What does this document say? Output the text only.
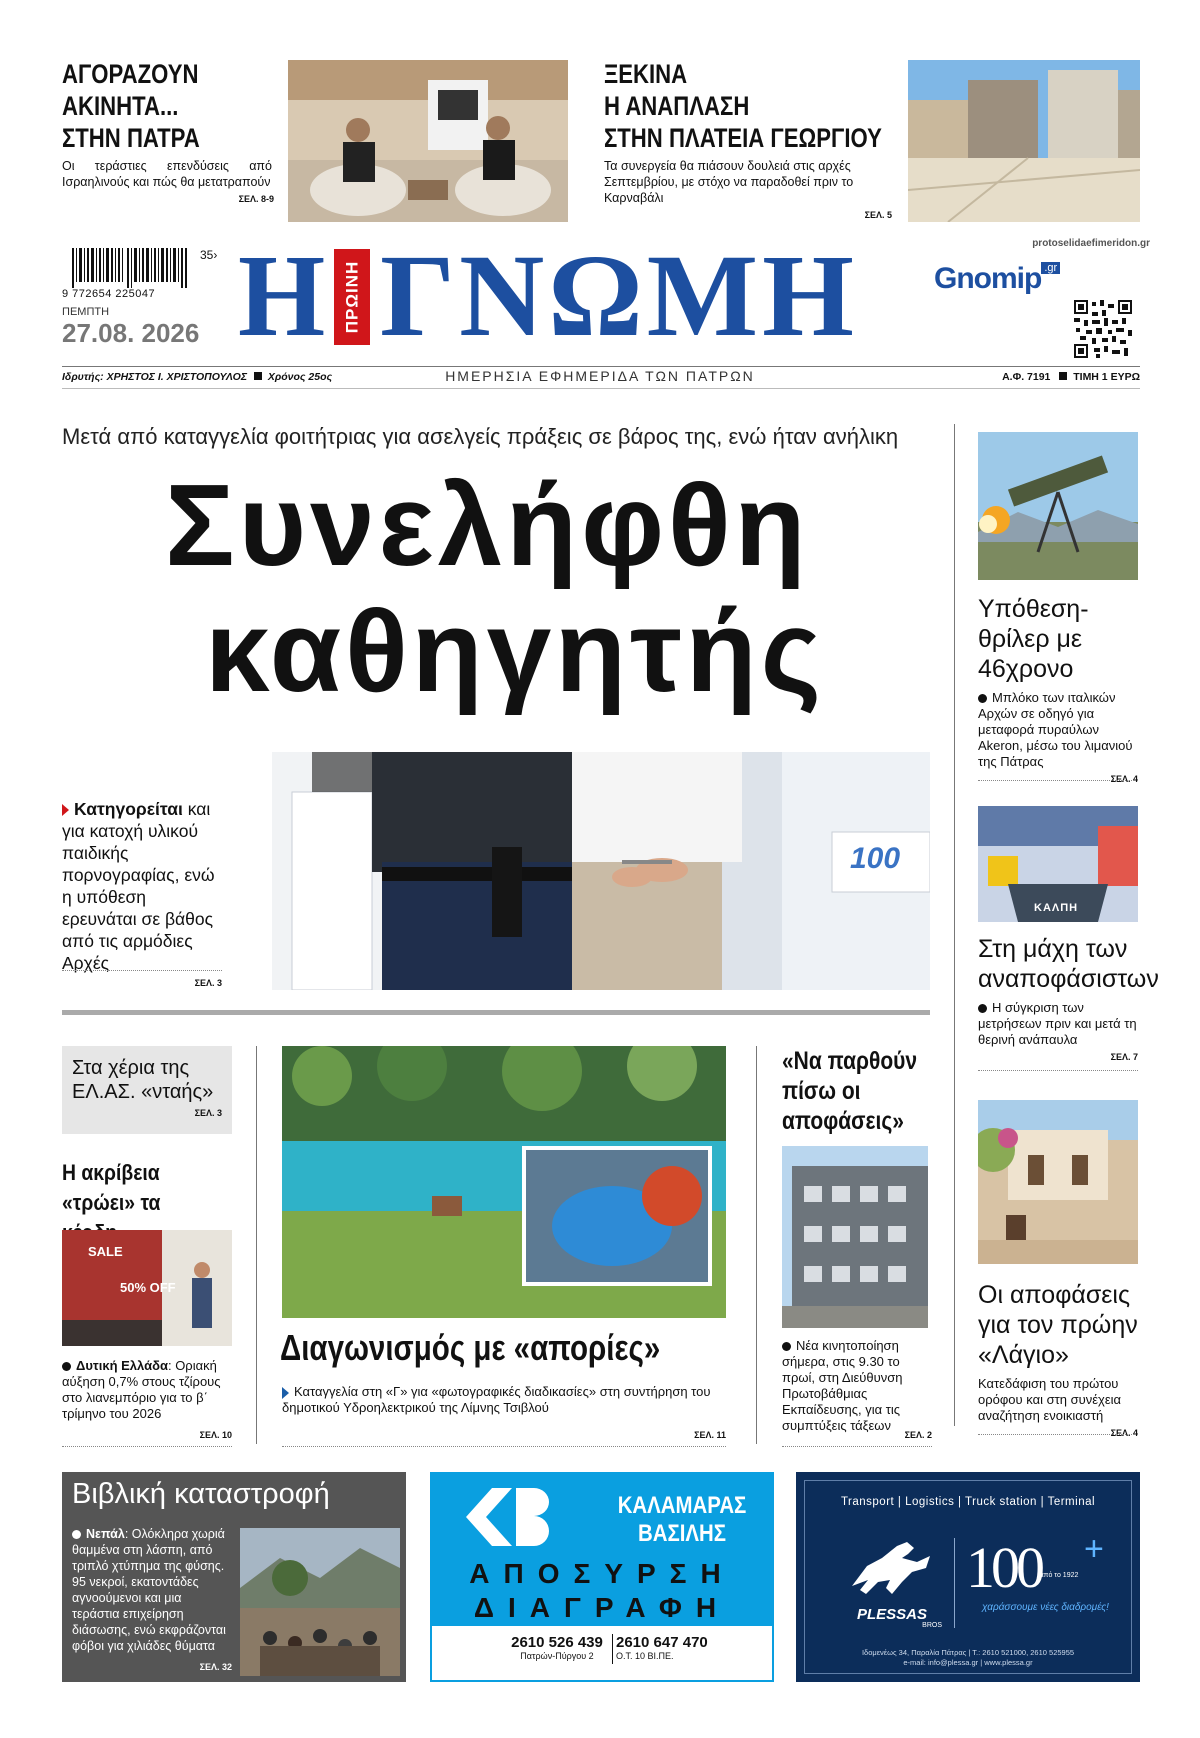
ΑΓΟΡΑΖΟΥΝ
ΑΚΙΝΗΤΑ...
ΣΤΗΝ ΠΑΤΡΑ
Οι τεράστιες επενδύσεις από Ισραηλινούς και πώς θα μετατραπούν
ΣΕΛ. 8-9
ΞΕΚΙΝΑ
Η ΑΝΑΠΛΑΣΗ
ΣΤΗΝ ΠΛΑΤΕΙΑ ΓΕΩΡΓΙΟΥ
Τα συνεργεία θα πιάσουν δουλειά στις αρχές Σεπτεμβρίου, με στόχο να παραδοθεί πριν το Καρναβάλι
ΣΕΛ. 5
protoselidaefimeridon.gr
9 772654 225047
35›
ΠΕΜΠΤΗ
27.08. 2026 Η ΠΡΩΙΝΗ ΓΝΩΜΗ	Gnomip $^{.gr}$
Ιδρυτής: ΧΡΗΣΤΟΣ Ι. ΧΡΙΣΤΟΠΟΥΛΟΣ Χρόνος 25ος	ΗΜΕΡΗΣΙΑ ΕΦΗΜΕΡΙΔΑ ΤΩΝ ΠΑΤΡΩΝ	Α.Φ. 7191 ΤΙΜΗ 1 ΕΥΡΩ
Μετά από καταγγελία φοιτήτριας για ασελγείς πράξεις σε βάρος της, ενώ ήταν ανήλικη
Συνελήφθη
καθηγητής
Κατηγορείται και για κατοχή υλικού παιδικής πορνογραφίας, ενώ η υπόθεση ερευνάται σε βάθος από τις αρμόδιες Αρχές
ΣΕΛ. 3
100
Υπόθεση-θρίλερ με 46χρονο
Μπλόκο των ιταλικών Αρχών σε οδηγό για μεταφορά πυραύλων Akeron, μέσω του λιμανιού της Πάτρας
ΣΕΛ. 4
ΚΑΛΠΗ
Στη μάχη των αναποφάσιστων
Η σύγκριση των μετρήσεων πριν και μετά τη θερινή ανάπαυλα
ΣΕΛ. 7
Οι αποφάσεις για τον πρώην «Λάγιο»
Κατεδάφιση του πρώτου ορόφου και στη συνέχεια αναζήτηση ενοικιαστή
ΣΕΛ. 4
Στα χέρια της ΕΛ.ΑΣ. «νταής»
ΣΕΛ. 3
Η ακρίβεια «τρώει» τα
SALE
50% OFF
Δυτική Ελλάδα: Οριακή αύξηση 0,7% στους τζίρους στο λιανεμπόριο για το β΄ τρίμηνο του 2026
ΣΕΛ. 10
Διαγωνισμός με «απορίες»
Καταγγελία στη «Γ» για «φωτογραφικές διαδικασίες» στη συντήρηση του δημοτικού Υδροηλεκτρικού της Λίμνης Τσιβλού
ΣΕΛ. 11
«Να παρθούν πίσω οι αποφάσεις»
Νέα κινητοποίηση σήμερα, στις 9.30 το πρωί, στη Διεύθυνση Πρωτοβάθμιας Εκπαίδευσης, για τις συμπτύξεις τάξεων
ΣΕΛ. 2
Βιβλική καταστροφή
Νεπάλ: Ολόκληρα χωριά θαμμένα στη λάσπη, από τριπλό χτύπημα της φύσης. 95 νεκροί, εκατοντάδες αγνοούμενοι και μια τεράστια επιχείρηση διάσωσης, ενώ εκφράζονται φόβοι για χιλιάδες θύματα
ΣΕΛ. 32
ΚΑΛΑΜΑΡΑΣ
ΒΑΣΙΛΗΣ
ΑΠΟΣΥΡΣΗ
ΔΙΑΓΡΑΦΗ
2610 526 439
Πατρών-Πύργου 2
2610 647 470
Ο.Τ. 10 ΒΙ.ΠΕ.
Transport | Logistics | Truck station | Terminal
PLESSAS
BROS
100 +
από το 1922
χαράσσουμε νέες διαδρομές!
Ιδομενέως 34, Παραλία Πάτρας | Τ.: 2610 521000, 2610 525955
e-mail: info@plessa.gr | www.plessa.gr
